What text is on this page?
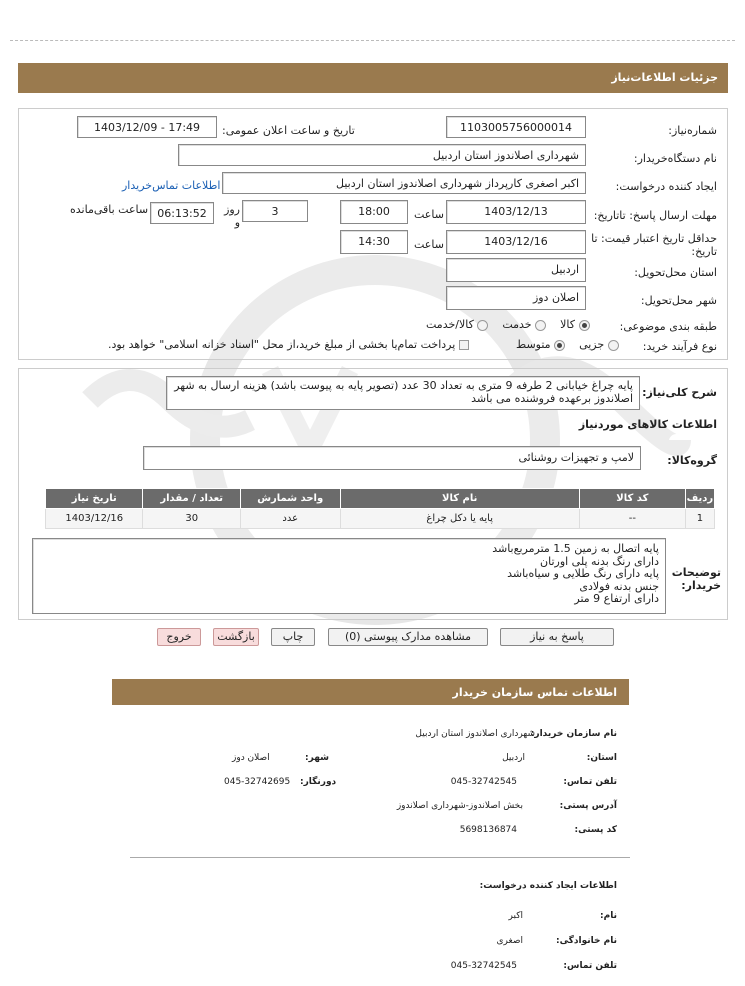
جزئیات اطلاعات‌نیاز
شماره‌نیاز:
1103005756000014
تاریخ و ساعت اعلان عمومی:
1403/12/09 - 17:49
نام دستگاه‌خریدار:
شهرداری اصلاندوز استان اردبیل
ایجاد کننده درخواست:
اکبر اصغری کارپرداز شهرداری اصلاندوز استان اردبیل
اطلاعات تماس‌خریدار
مهلت ارسال پاسخ: تاتاریخ:
1403/12/13
ساعت
18:00
3
روز و
06:13:52
ساعت باقی‌مانده
حداقل تاریخ اعتبار قیمت: تا
تاریخ:
1403/12/16
ساعت
14:30
استان محل‌تحویل:
اردبیل
شهر محل‌تحویل:
اصلان دوز
طبقه بندی موضوعی:
کالا     خدمت     کالا/خدمت
نوع فرآیند خرید:
جزیی     متوسط
پرداخت تمام‌یا بخشی از مبلغ خرید،از محل "اسناد خزانه اسلامی" خواهد بود.
شرح کلی‌نیاز:
پایه چراغ خیابانی 2 طرفه 9 متری به تعداد 30 عدد (تصویر پایه به پیوست باشد) هزینه ارسال به شهر اصلاندوز بر‌عهده فروشنده می باشد
اطلاعات کالاهای موردنیاز
گروه‌کالا:
لامپ و تجهیزات روشنائی
ردیف	کد کالا	نام کالا	واحد شمارش	تعداد / مقدار	تاریخ نیاز
1	--	پایه یا دکل چراغ	عدد	30	1403/12/16
توضیحات
خریدار:
پایه اتصال به زمین 1.5 مترمربع‌باشد
دارای رنگ بدنه پلی اورتان
پایه دارای رنگ طلایی و سیاه‌باشد
جنس بدنه فولادی
دارای ارتفاع 9 متر
پاسخ به نیاز
مشاهده مدارک پیوستی (0)
چاپ
بازگشت
خروج
اطلاعات تماس سازمان خریدار
نام سازمان خریدار:
شهرداری اصلاندوز استان اردبیل
استان:
اردبیل
شهر:
اصلان دوز
تلفن تماس:
045-32742545
دورنگار:
045-32742695
آدرس پستی:
بخش اصلاندوز-شهرداری اصلاندوز
کد پستی:
5698136874
اطلاعات ایجاد کننده درخواست:
نام:
اکبر
نام خانوادگی:
اصغری
تلفن تماس:
045-32742545
